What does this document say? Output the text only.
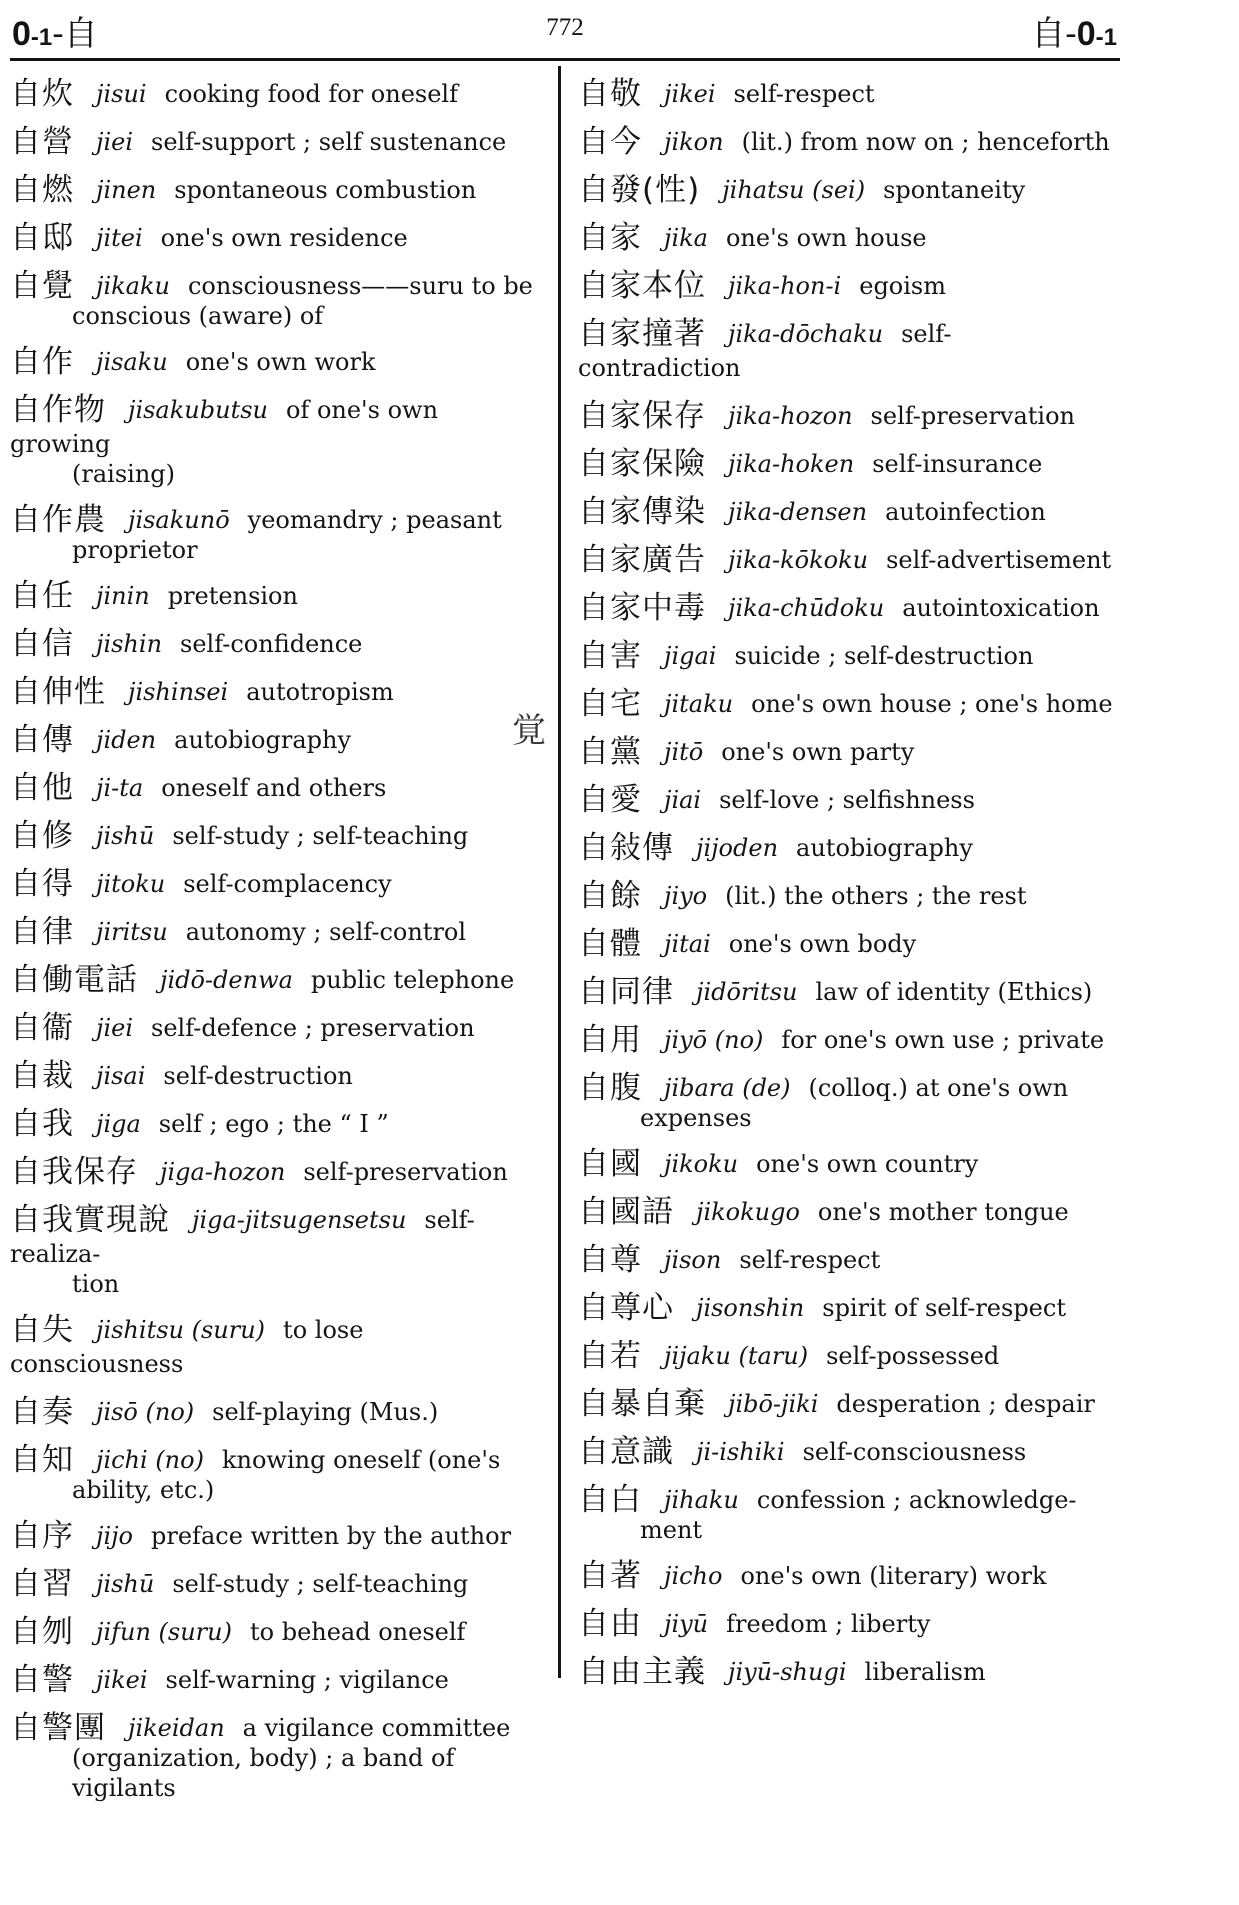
0-1-自	772	自-0-1
覚
自炊 jisui cooking food for oneself
自營 jiei self-support ; self sustenance
自燃 jinen spontaneous combustion
自邸 jitei one's own residence
自覺 jikaku consciousness——suru to be
conscious (aware) of
自作 jisaku one's own work
自作物 jisakubutsu of one's own growing
(raising)
自作農 jisakunō yeomandry ; peasant
proprietor
自任 jinin pretension
自信 jishin self-confidence
自伸性 jishinsei autotropism
自傳 jiden autobiography
自他 ji-ta oneself and others
自修 jishū self-study ; self-teaching
自得 jitoku self-complacency
自律 jiritsu autonomy ; self-control
自働電話 jidō-denwa public telephone
自衞 jiei self-defence ; preservation
自裁 jisai self-destruction
自我 jiga self ; ego ; the “ I ”
自我保存 jiga-hozon self-preservation
自我實現說 jiga-jitsugensetsu self-realiza-
tion
自失 jishitsu (suru) to lose consciousness
自奏 jisō (no) self-playing (Mus.)
自知 jichi (no) knowing oneself (one's
ability, etc.)
自序 jijo preface written by the author
自習 jishū self-study ; self-teaching
自刎 jifun (suru) to behead oneself
自警 jikei self-warning ; vigilance
自警團 jikeidan a vigilance committee
(organization, body) ; a band of vigilants
自敬 jikei self-respect
自今 jikon (lit.) from now on ; henceforth
自發(性) jihatsu (sei) spontaneity
自家 jika one's own house
自家本位 jika-hon-i egoism
自家撞著 jika-dōchaku self-contradiction
自家保存 jika-hozon self-preservation
自家保險 jika-hoken self-insurance
自家傳染 jika-densen autoinfection
自家廣告 jika-kōkoku self-advertisement
自家中毒 jika-chūdoku autointoxication
自害 jigai suicide ; self-destruction
自宅 jitaku one's own house ; one's home
自黨 jitō one's own party
自愛 jiai self-love ; selfishness
自敍傳 jijoden autobiography
自餘 jiyo (lit.) the others ; the rest
自體 jitai one's own body
自同律 jidōritsu law of identity (Ethics)
自用 jiyō (no) for one's own use ; private
自腹 jibara (de) (colloq.) at one's own
expenses
自國 jikoku one's own country
自國語 jikokugo one's mother tongue
自尊 jison self-respect
自尊心 jisonshin spirit of self-respect
自若 jijaku (taru) self-possessed
自暴自棄 jibō-jiki desperation ; despair
自意識 ji-ishiki self-consciousness
自白 jihaku confession ; acknowledge-
ment
自著 jicho one's own (literary) work
自由 jiyū freedom ; liberty
自由主義 jiyū-shugi liberalism
